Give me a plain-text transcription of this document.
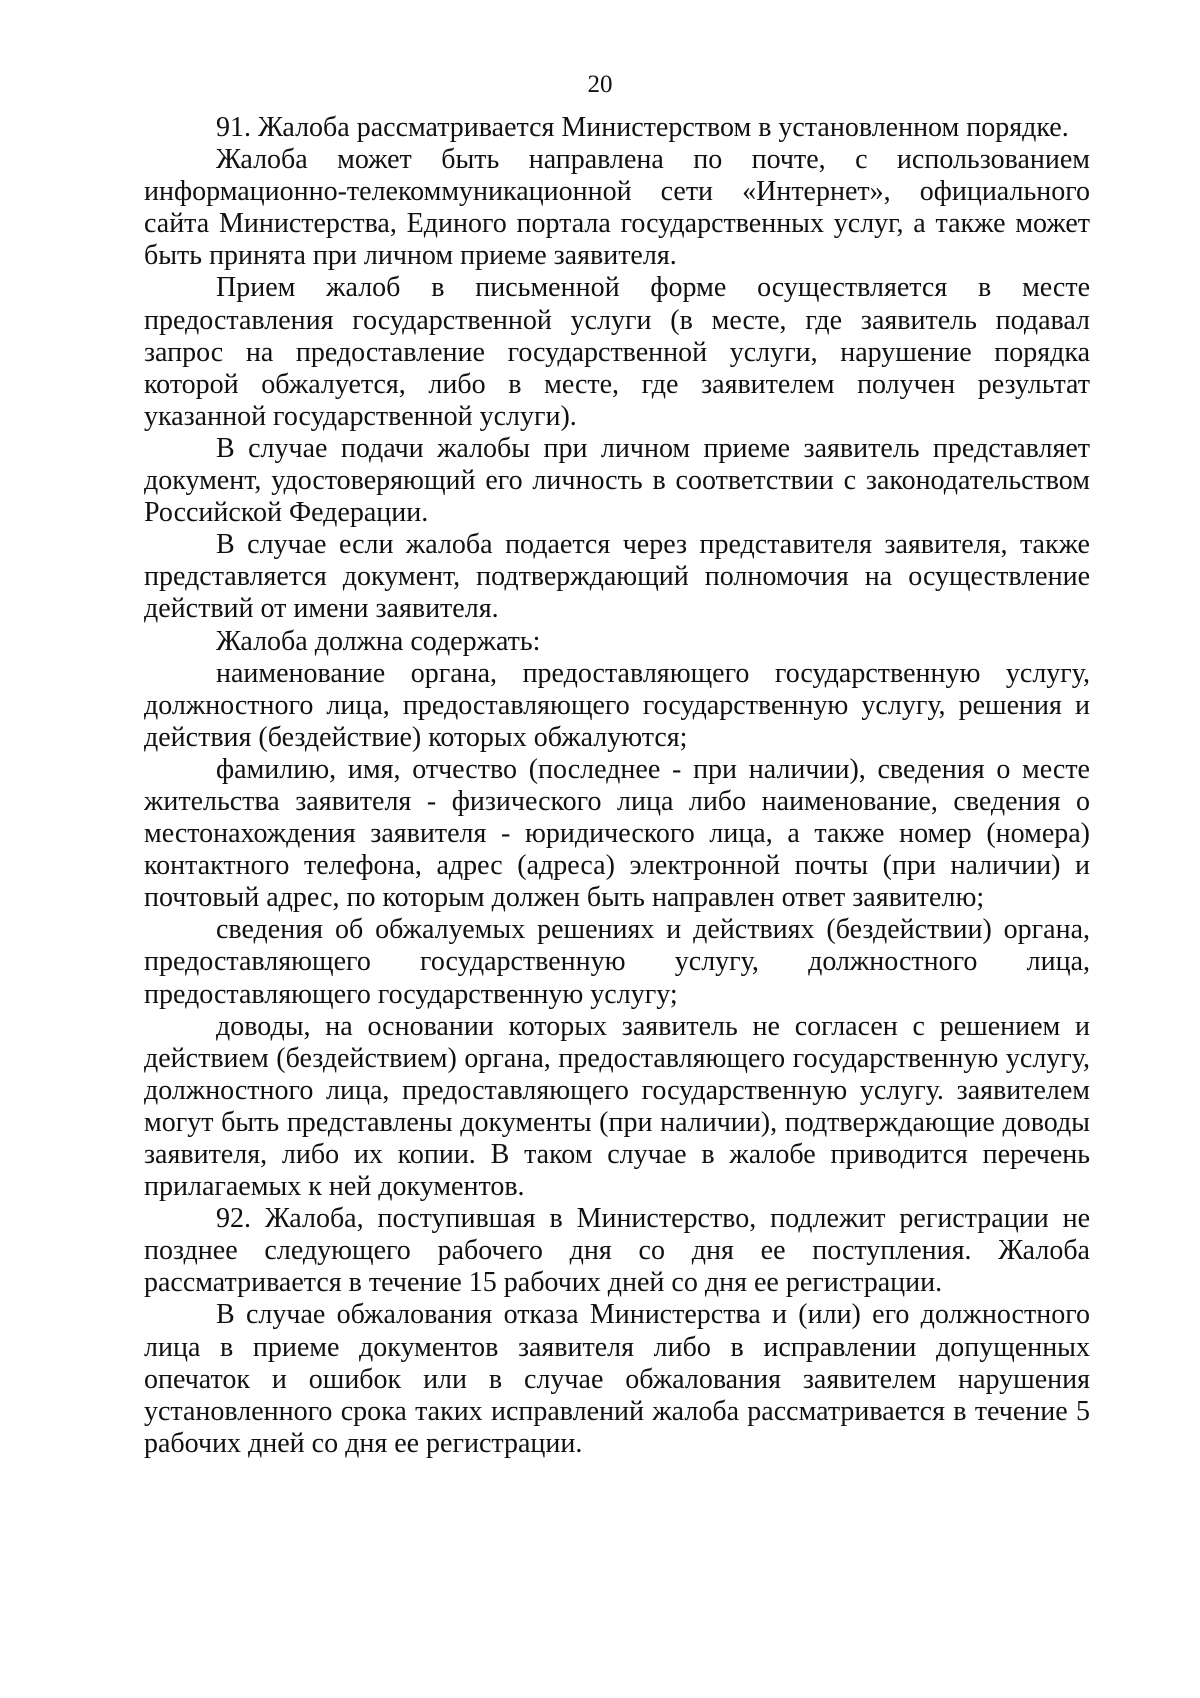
20

91. Жалоба рассматривается Министерством в установленном порядке.

Жалоба может быть направлена по почте, с использованием информационно-телекоммуникационной сети «Интернет», официального сайта Министерства, Единого портала государственных услуг, а также может быть принята при личном приеме заявителя.

Прием жалоб в письменной форме осуществляется в месте предоставления государственной услуги (в месте, где заявитель подавал запрос на предоставление государственной услуги, нарушение порядка которой обжалуется, либо в месте, где заявителем получен результат указанной государственной услуги).

В случае подачи жалобы при личном приеме заявитель представляет документ, удостоверяющий его личность в соответствии с законодательством Российской Федерации.

В случае если жалоба подается через представителя заявителя, также представляется документ, подтверждающий полномочия на осуществление действий от имени заявителя.

Жалоба должна содержать:

наименование органа, предоставляющего государственную услугу, должностного лица, предоставляющего государственную услугу, решения и действия (бездействие) которых обжалуются;

фамилию, имя, отчество (последнее - при наличии), сведения о месте жительства заявителя - физического лица либо наименование, сведения о местонахождения заявителя - юридического лица, а также номер (номера) контактного телефона, адрес (адреса) электронной почты (при наличии) и почтовый адрес, по которым должен быть направлен ответ заявителю;

сведения об обжалуемых решениях и действиях (бездействии) органа, предоставляющего государственную услугу, должностного лица, предоставляющего государственную услугу;

доводы, на основании которых заявитель не согласен с решением и действием (бездействием) органа, предоставляющего государственную услугу, должностного лица, предоставляющего государственную услугу. заявителем могут быть представлены документы (при наличии), подтверждающие доводы заявителя, либо их копии. В таком случае в жалобе приводится перечень прилагаемых к ней документов.

92. Жалоба, поступившая в Министерство, подлежит регистрации не позднее следующего рабочего дня со дня ее поступления. Жалоба рассматривается в течение 15 рабочих дней со дня ее регистрации.

В случае обжалования отказа Министерства и (или) его должностного лица в приеме документов заявителя либо в исправлении допущенных опечаток и ошибок или в случае обжалования заявителем нарушения установленного срока таких исправлений жалоба рассматривается в течение 5 рабочих дней со дня ее регистрации.
